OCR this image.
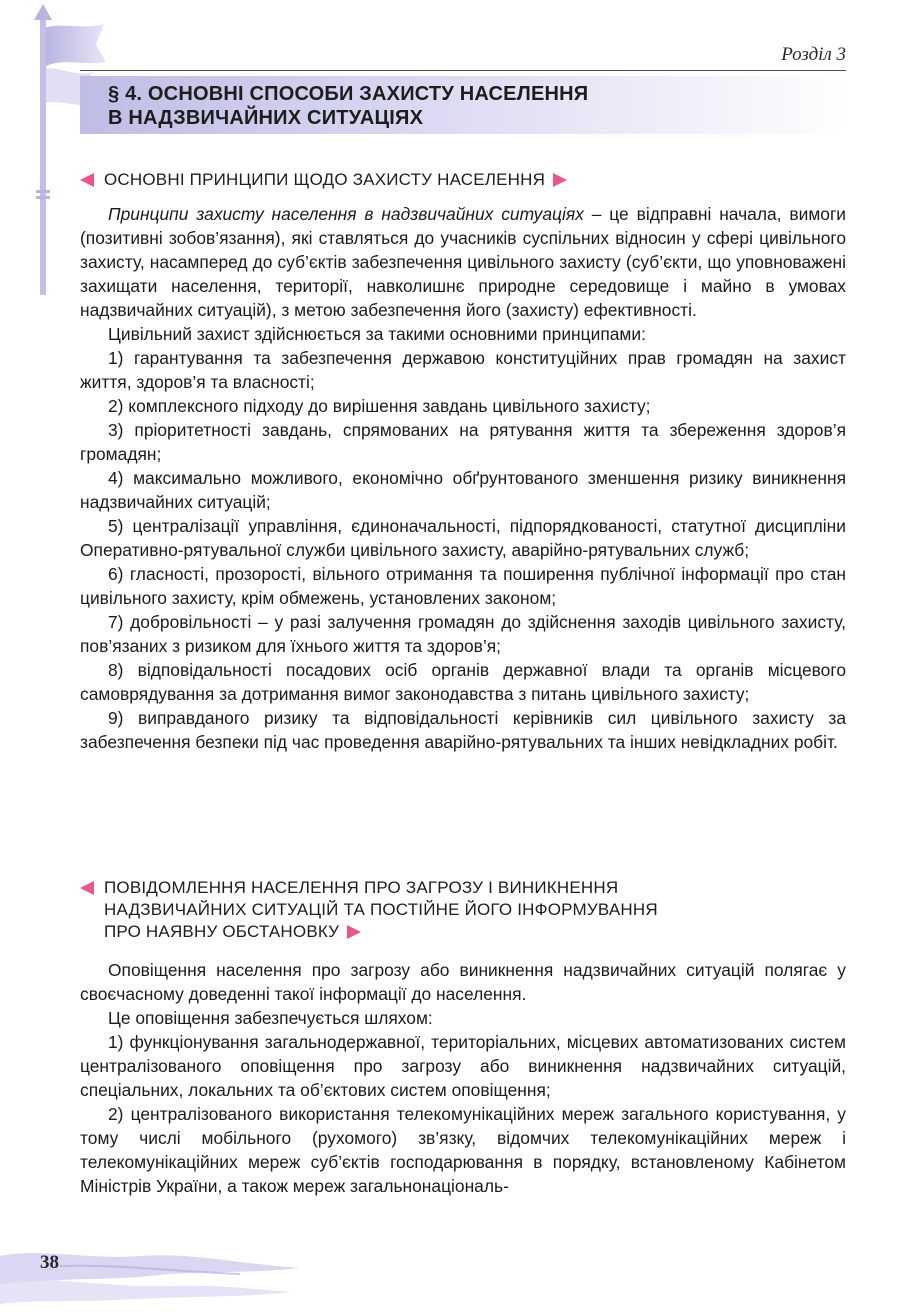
Розділ 3
§ 4. ОСНОВНІ СПОСОБИ ЗАХИСТУ НАСЕЛЕННЯ
В НАДЗВИЧАЙНИХ СИТУАЦІЯХ
ОСНОВНІ ПРИНЦИПИ ЩОДО ЗАХИСТУ НАСЕЛЕННЯ

Принципи захисту населення в надзвичайних ситуаціях – це відправні начала, вимоги (позитивні зобов’язання), які ставляться до учасників суспільних відносин у сфері цивільного захисту, насамперед до суб’єктів забезпечення цивільного захисту (суб’єкти, що уповноважені захищати населення, території, навколишнє природне середовище і майно в умовах надзвичайних ситуацій), з метою забезпечення його (захисту) ефективності.

Цивільний захист здійснюється за такими основними принципами:

1) гарантування та забезпечення державою конституційних прав громадян на захист життя, здоров’я та власності;

2) комплексного підходу до вирішення завдань цивільного захисту;

3) пріоритетності завдань, спрямованих на рятування життя та збереження здоров’я громадян;

4) максимально можливого, економічно обґрунтованого зменшення ризику виникнення надзвичайних ситуацій;

5) централізації управління, єдиноначальності, підпорядкованості, статутної дисципліни Оперативно-рятувальної служби цивільного захисту, аварійно-рятувальних служб;

6) гласності, прозорості, вільного отримання та поширення публічної інформації про стан цивільного захисту, крім обмежень, установлених законом;

7) добровільності – у разі залучення громадян до здійснення заходів цивільного захисту, пов’язаних з ризиком для їхнього життя та здоров’я;

8) відповідальності посадових осіб органів державної влади та органів місцевого самоврядування за дотримання вимог законодавства з питань цивільного захисту;

9) виправданого ризику та відповідальності керівників сил цивільного захисту за забезпечення безпеки під час проведення аварійно-рятувальних та інших невідкладних робіт.

ПОВІДОМЛЕННЯ НАСЕЛЕННЯ ПРО ЗАГРОЗУ І ВИНИКНЕННЯ
НАДЗВИЧАЙНИХ СИТУАЦІЙ ТА ПОСТІЙНЕ ЙОГО ІНФОРМУВАННЯ
ПРО НАЯВНУ ОБСТАНОВКУ

Оповіщення населення про загрозу або виникнення надзвичайних ситуацій полягає у своєчасному доведенні такої інформації до населення.

Це оповіщення забезпечується шляхом:

1) функціонування загальнодержавної, територіальних, місцевих автоматизованих систем централізованого оповіщення про загрозу або виникнення надзвичайних ситуацій, спеціальних, локальних та об’єктових систем оповіщення;

2) централізованого використання телекомунікаційних мереж загального користування, у тому числі мобільного (рухомого) зв’язку, відомчих телекомунікаційних мереж і телекомунікаційних мереж суб’єктів господарювання в порядку, встановленому Кабінетом Міністрів України, а також мереж загальнонаціональ-

38
